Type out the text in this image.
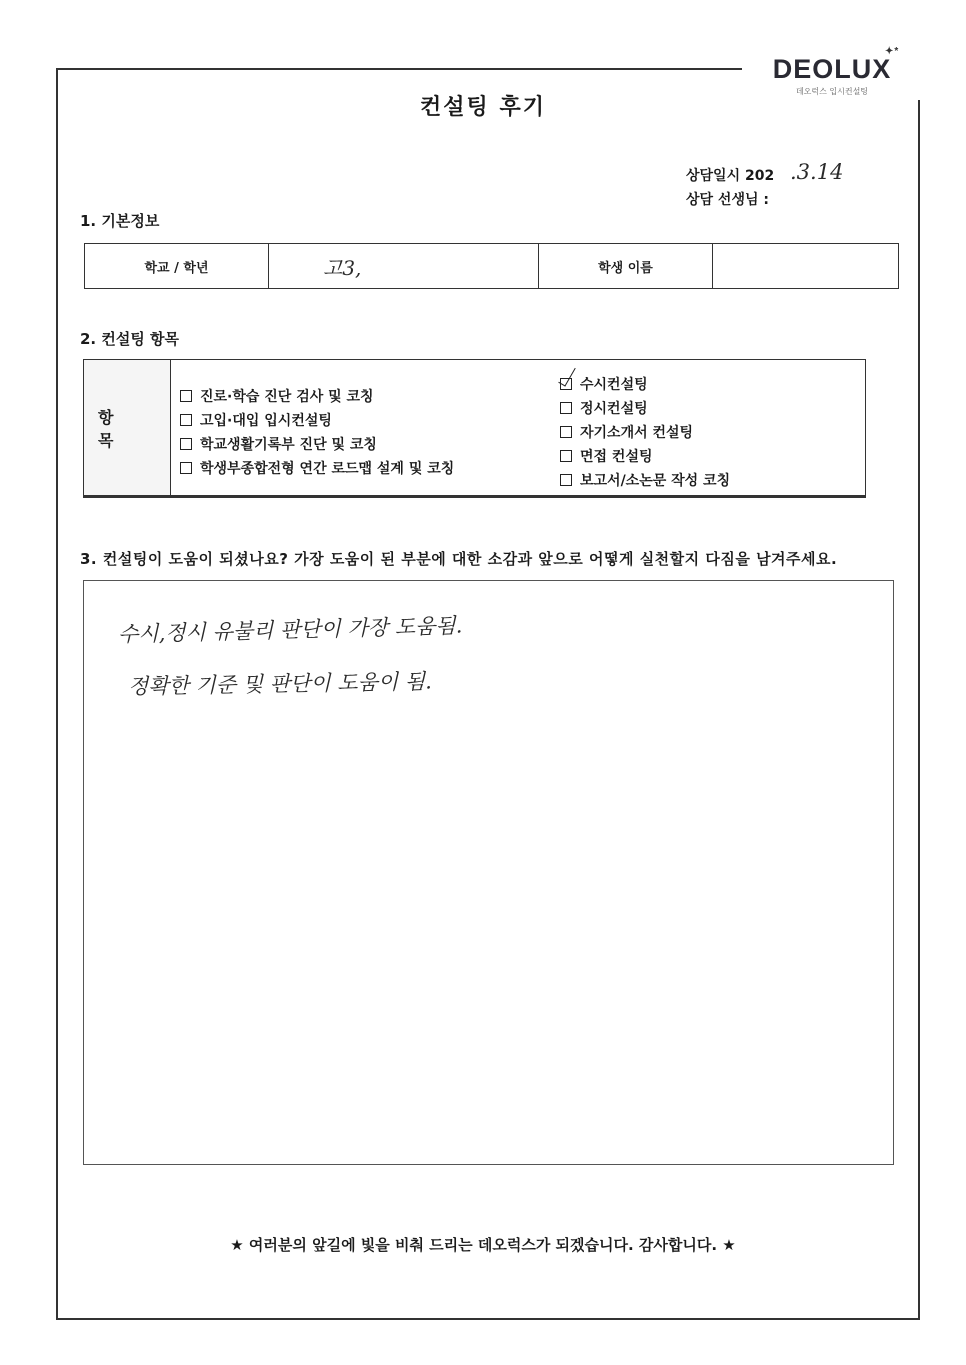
DEOLUX
✦*
데오럭스 입시컨설팅
컨설팅 후기
상담일시 202 .3.14
상담 선생님 :
1. 기본정보
학교 / 학년	고3,	학생 이름	
2. 컨설팅 항목
항 목
진로·학습 진단 검사 및 코칭
고입·대입 입시컨설팅
학교생활기록부 진단 및 코칭
학생부종합전형 연간 로드맵 설계 및 코칭
수시컨설팅
정시컨설팅
자기소개서 컨설팅
면접 컨설팅
보고서/소논문 작성 코칭
3. 컨설팅이 도움이 되셨나요? 가장 도움이 된 부분에 대한 소감과 앞으로 어떻게 실천할지 다짐을 남겨주세요.
수시,정시 유불리 판단이 가장 도움됨.
정확한 기준 및 판단이 도움이 됨.
★ 여러분의 앞길에 빛을 비춰 드리는 데오럭스가 되겠습니다. 감사합니다. ★
